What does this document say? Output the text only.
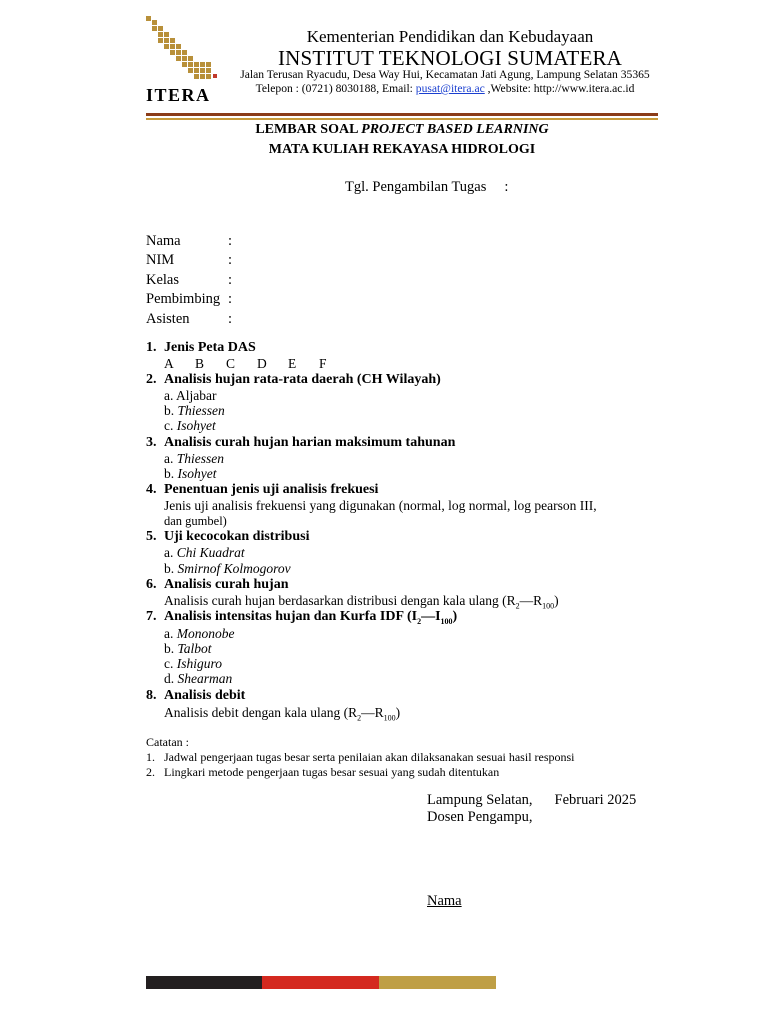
ITERA
Kementerian Pendidikan dan Kebudayaan
INSTITUT TEKNOLOGI SUMATERA
Jalan Terusan Ryacudu, Desa Way Hui, Kecamatan Jati Agung, Lampung Selatan 35365
Telepon : (0721) 8030188, Email: pusat@itera.ac ,Website: http://www.itera.ac.id
LEMBAR SOAL PROJECT BASED LEARNING
MATA KULIAH REKAYASA HIDROLOGI
Tgl. Pengambilan Tugas :
Nama	:
NIM	:
Kelas	:
Pembimbing :
Asisten	:
1. Jenis Peta DAS
A B C D E F
2. Analisis hujan rata-rata daerah (CH Wilayah)
a. Aljabar
b. Thiessen
c. Isohyet
3. Analisis curah hujan harian maksimum tahunan
a. Thiessen
b. Isohyet
4. Penentuan jenis uji analisis frekuesi
Jenis uji analisis frekuensi yang digunakan (normal, log normal, log pearson III,
dan gumbel)
5. Uji kecocokan distribusi
a. Chi Kuadrat
b. Smirnof Kolmogorov
6. Analisis curah hujan
Analisis curah hujan berdasarkan distribusi dengan kala ulang $(R_2—R_{100})$
7. Analisis intensitas hujan dan Kurfa IDF $(I_2—I_{100})$
a. Mononobe
b. Talbot
c. Ishiguro
d. Shearman
8. Analisis debit
Analisis debit dengan kala ulang $(R_2—R_{100})$
Catatan :
1. Jadwal pengerjaan tugas besar serta penilaian akan dilaksanakan sesuai hasil responsi
2. Lingkari metode pengerjaan tugas besar sesuai yang sudah ditentukan
Lampung Selatan, Februari 2025
Dosen Pengampu,
Nama
